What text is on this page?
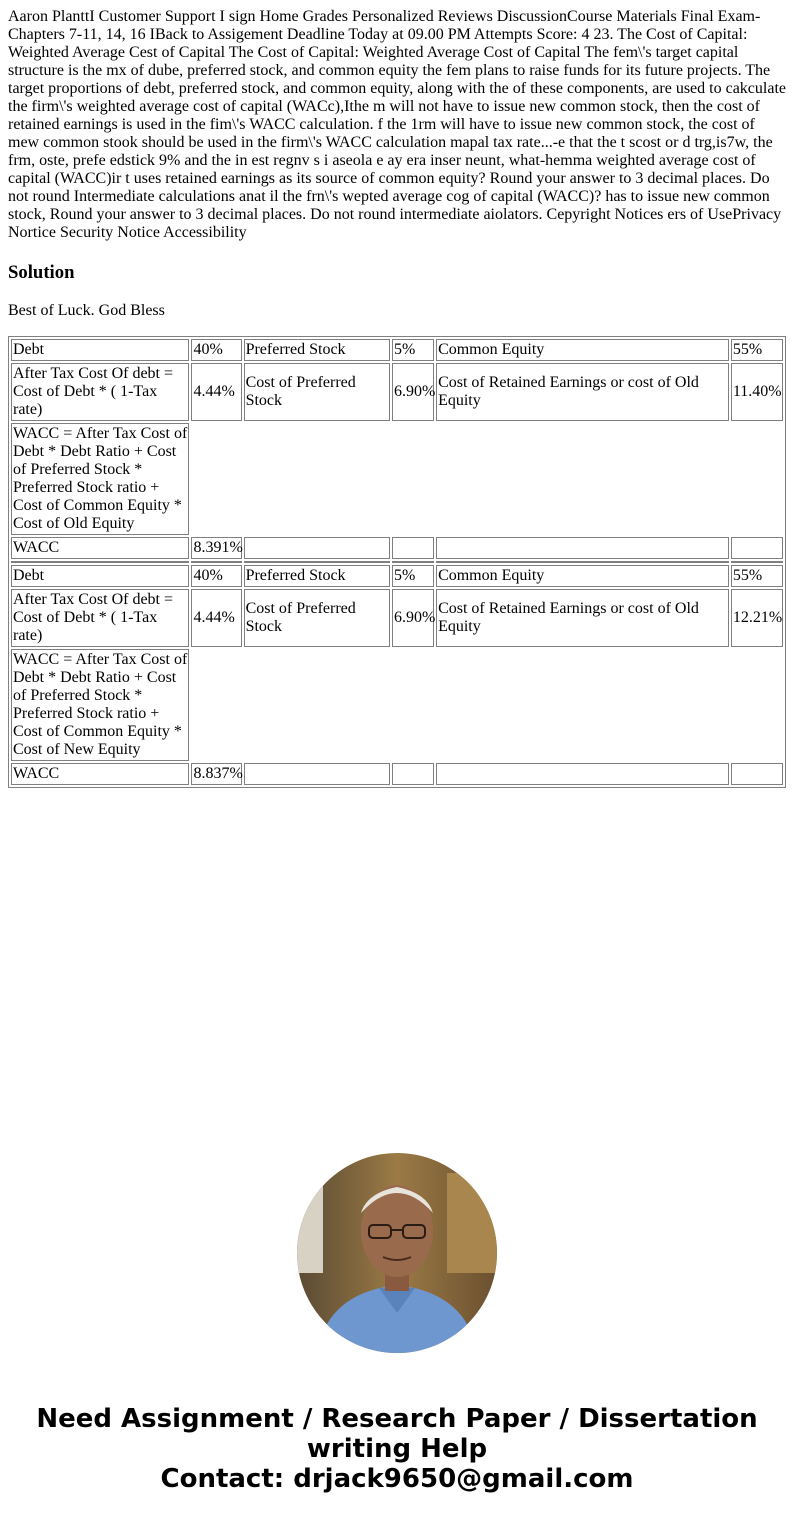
Aaron PlanttI Customer Support I sign Home Grades Personalized Reviews DiscussionCourse Materials Final Exam-Chapters 7-11, 14, 16 IBack to Assigement Deadline Today at 09.00 PM Attempts Score: 4 23. The Cost of Capital: Weighted Average Cest of Capital The Cost of Capital: Weighted Average Cost of Capital The fem\'s target capital structure is the mx of dube, preferred stock, and common equity the fem plans to raise funds for its future projects. The target proportions of debt, preferred stock, and common equity, along with the of these components, are used to cakculate the firm\'s weighted average cost of capital (WACc),Ithe m will not have to issue new common stock, then the cost of retained earnings is used in the fim\'s WACC calculation. f the 1rm will have to issue new common stock, the cost of mew common stook should be used in the firm\'s WACC calculation mapal tax rate...-e that the t scost or d trg,is7w, the frm, oste, prefe edstick 9% and the in est regnv s i aseola e ay era inser neunt, what-hemma weighted average cost of capital (WACC)ir t uses retained earnings as its source of common equity? Round your answer to 3 decimal places. Do not round Intermediate calculations anat il the frn\'s wepted average cog of capital (WACC)? has to issue new common stock, Round your answer to 3 decimal places. Do not round intermediate aiolators. Cepyright Notices ers of UsePrivacy Nortice Security Notice Accessibility

Solution

Best of Luck. God Bless

Debt	40%	Preferred Stock	5%	Common Equity	55%
After Tax Cost Of debt = Cost of Debt * ( 1-Tax rate)	4.44%	Cost of Preferred Stock	6.90%	Cost of Retained Earnings or cost of Old Equity	11.40%
WACC = After Tax Cost of Debt * Debt Ratio + Cost of Preferred Stock * Preferred Stock ratio + Cost of Common Equity * Cost of Old Equity					
WACC	8.391%				

Debt	40%	Preferred Stock	5%	Common Equity	55%
After Tax Cost Of debt = Cost of Debt * ( 1-Tax rate)	4.44%	Cost of Preferred Stock	6.90%	Cost of Retained Earnings or cost of Old Equity	12.21%
WACC = After Tax Cost of Debt * Debt Ratio + Cost of Preferred Stock * Preferred Stock ratio + Cost of Common Equity * Cost of New Equity					
WACC	8.837%				
Need Assignment / Research Paper / Dissertation writing Help
Contact: drjack9650@gmail.com
